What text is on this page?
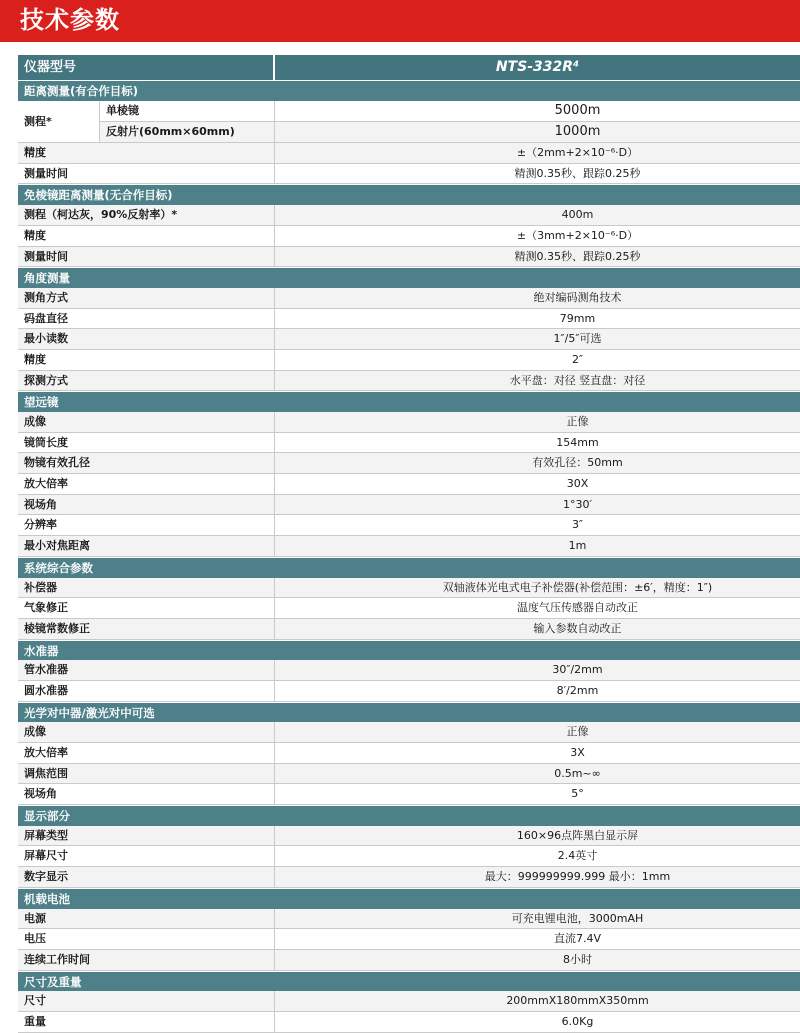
技术参数
仪器型号	NTS-332R⁴
距离测量(有合作目标)
测程*
单棱镜	5000m
反射片(60mm×60mm)	1000m
精度	±（2mm+2×10⁻⁶·D）
测量时间	精测0.35秒、跟踪0.25秒
免棱镜距离测量(无合作目标)
测程（柯达灰，90%反射率）*	400m
精度	±（3mm+2×10⁻⁶·D）
测量时间	精测0.35秒、跟踪0.25秒
角度测量
测角方式	绝对编码测角技术
码盘直径	79mm
最小读数	1″/5″可选
精度	2″
探测方式	水平盘：对径 竖直盘：对径
望远镜
成像	正像
镜筒长度	154mm
物镜有效孔径	有效孔径：50mm
放大倍率	30X
视场角	1°30′
分辨率	3″
最小对焦距离	1m
系统综合参数
补偿器	双轴液体光电式电子补偿器(补偿范围：±6′，精度：1″)
气象修正	温度气压传感器自动改正
棱镜常数修正	输入参数自动改正
水准器
管水准器	30″/2mm
圆水准器	8′/2mm
光学对中器/激光对中可选
成像	正像
放大倍率	3X
调焦范围	0.5m~∞
视场角	5°
显示部分
屏幕类型	160×96点阵黑白显示屏
屏幕尺寸	2.4英寸
数字显示	最大：999999999.999 最小：1mm
机载电池
电源	可充电锂电池，3000mAH
电压	直流7.4V
连续工作时间	8小时
尺寸及重量
尺寸	200mmX180mmX350mm
重量	6.0Kg
